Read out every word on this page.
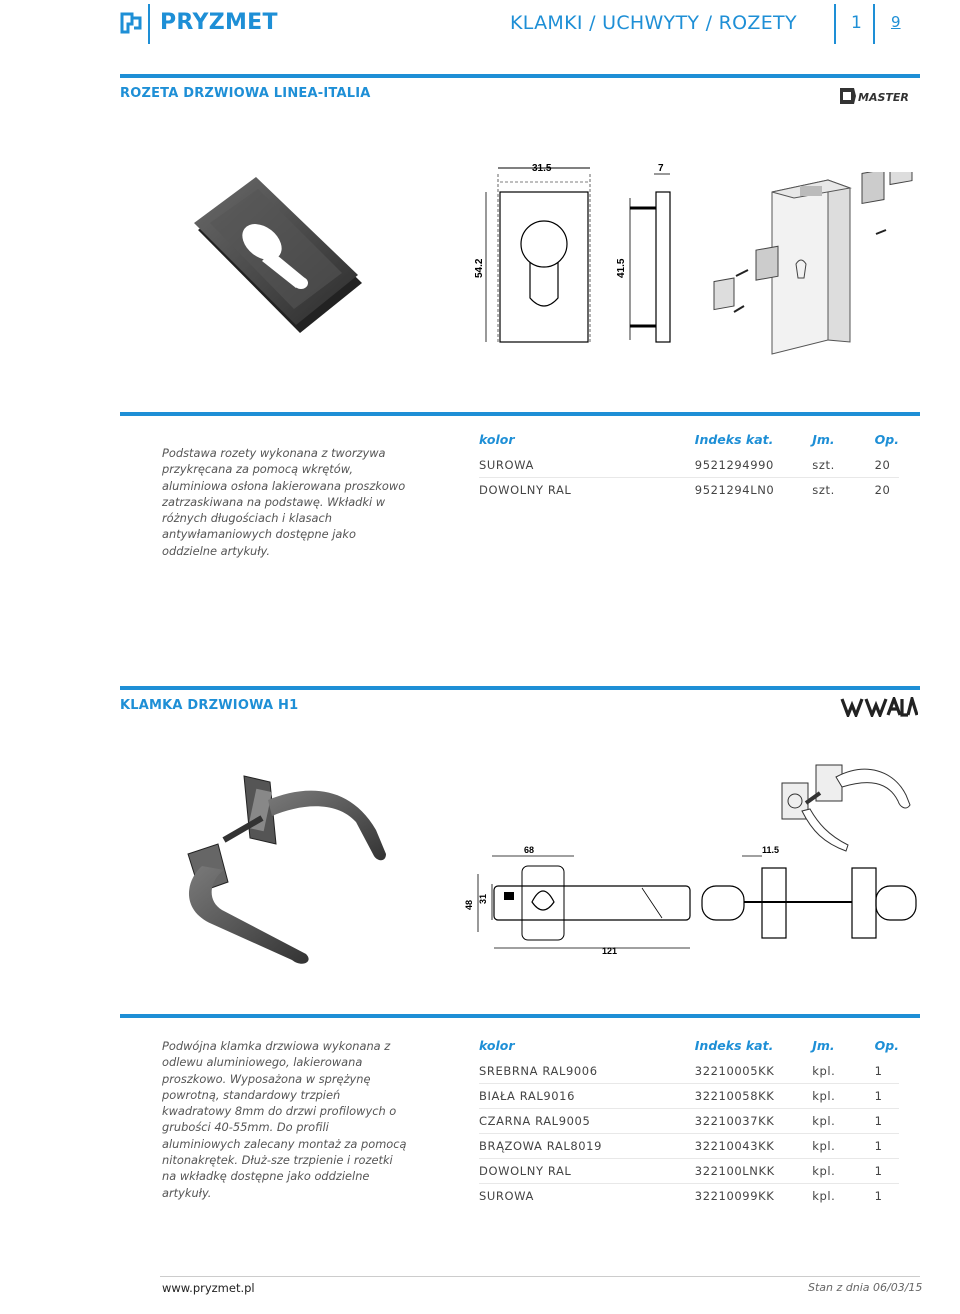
PRYZMET	KLAMKI / UCHWYTY / ROZETY	1 9
ROZETA DRZWIOWA LINEA-ITALIA	MASTER
31.5
54.2	41.5
7
Podstawa rozety wykonana z tworzywa przykręcana za pomocą wkrętów, aluminiowa osłona lakierowana proszkowo zatrzaskiwana na podstawę. Wkładki w różnych długościach i klasach antywłamaniowych dostępne jako oddzielne artykuły.
kolor	Indeks kat.	Jm.	Op.
SUROWA	9521294990	szt.	20
DOWOLNY RAL	9521294LN0	szt.	20
KLAMKA DRZWIOWA H1
68	11.5
48
31
121
Podwójna klamka drzwiowa wykonana z odlewu aluminiowego, lakierowana proszkowo. Wyposażona w sprężynę powrotną, standardowy trzpień kwadratowy 8mm do drzwi profilowych o grubości 40-55mm. Do profili aluminiowych zalecany montaż za pomocą nitonakrętek. Dłuż-sze trzpienie i rozetki na wkładkę dostępne jako oddzielne artykuły.
kolor	Indeks kat.	Jm.	Op.
SREBRNA RAL9006	32210005KK	kpl.	1
BIAŁA RAL9016	32210058KK	kpl.	1
CZARNA RAL9005	32210037KK	kpl.	1
BRĄZOWA RAL8019	32210043KK	kpl.	1
DOWOLNY RAL	322100LNKK	kpl.	1
SUROWA	32210099KK	kpl.	1
www.pryzmet.pl	Stan z dnia 06/03/15
